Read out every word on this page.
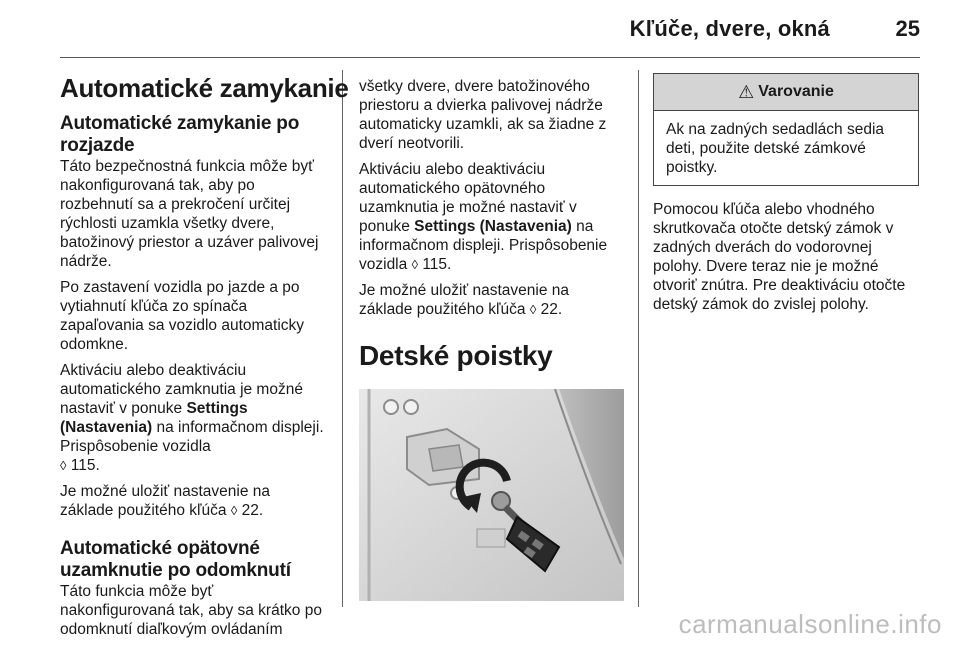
Kľúče, dvere, okná	25
Automatické zamykanie
Automatické zamykanie po rozjazde

Táto bezpečnostná funkcia môže byť nakonfigurovaná tak, aby po rozbehnutí sa a prekročení určitej rýchlosti uzamkla všetky dvere, batožinový priestor a uzáver palivovej nádrže.

Po zastavení vozidla po jazde a po vytiahnutí kľúča zo spínača zapaľovania sa vozidlo automaticky odomkne.

Aktiváciu alebo deaktiváciu automatického zamknutia je možné nastaviť v ponuke Settings (Nastavenia) na informačnom displeji. Prispôsobenie vozidla
◊ 115.

Je možné uložiť nastavenie na základe použitého kľúča ◊ 22.

Automatické opätovné uzamknutie po odomknutí

Táto funkcia môže byť nakonfigurovaná tak, aby sa krátko po odomknutí diaľkovým ovládaním

všetky dvere, dvere batožinového priestoru a dvierka palivovej nádrže automaticky uzamkli, ak sa žiadne z dverí neotvorili.

Aktiváciu alebo deaktiváciu automatického opätovného uzamknutia je možné nastaviť v ponuke Settings (Nastavenia) na informačnom displeji. Prispôsobenie vozidla ◊ 115.

Je možné uložiť nastavenie na základe použitého kľúča ◊ 22.

Detské poistky
⚠ Varovanie

Ak na zadných sedadlách sedia deti, použite detské zámkové poistky.

Pomocou kľúča alebo vhodného skrutkovača otočte detský zámok v zadných dverách do vodorovnej polohy. Dvere teraz nie je možné otvoriť znútra. Pre deaktiváciu otočte detský zámok do zvislej polohy.

carmanualsonline.info
